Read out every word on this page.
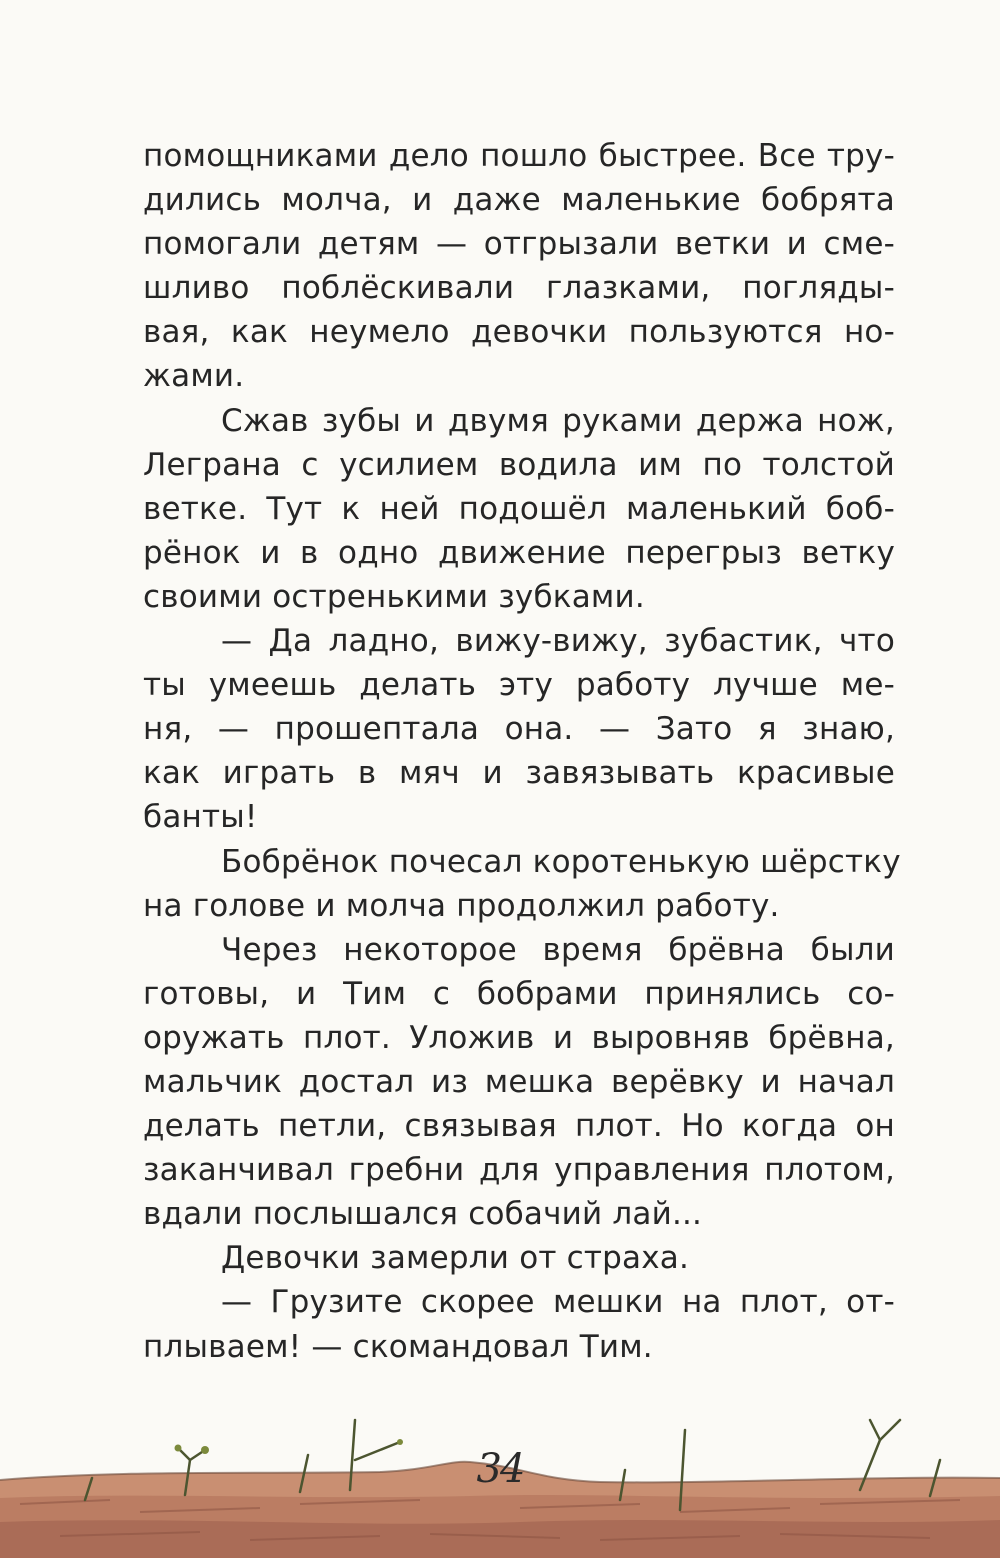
помощниками дело пошло быстрее. Все тру-
дились молча, и даже маленькие бобрята
помогали детям — отгрызали ветки и сме-
шливо поблёскивали глазками, погляды-
вая, как неумело девочки пользуются но-
жами.
Сжав зубы и двумя руками держа нож,
Леграна с усилием водила им по толстой
ветке. Тут к ней подошёл маленький боб-
рёнок и в одно движение перегрыз ветку
своими остренькими зубками.
— Да ладно, вижу-вижу, зубастик, что
ты умеешь делать эту работу лучше ме-
ня, — прошептала она. — Зато я знаю,
как играть в мяч и завязывать красивые
банты!
Бобрёнок почесал коротенькую шёрстку
на голове и молча продолжил работу.
Через некоторое время брёвна были
готовы, и Тим с бобрами принялись со-
оружать плот. Уложив и выровняв брёвна,
мальчик достал из мешка верёвку и начал
делать петли, связывая плот. Но когда он
заканчивал гребни для управления плотом,
вдали послышался собачий лай...
Девочки замерли от страха.
— Грузите скорее мешки на плот, от-
плываем! — скомандовал Тим.
34
